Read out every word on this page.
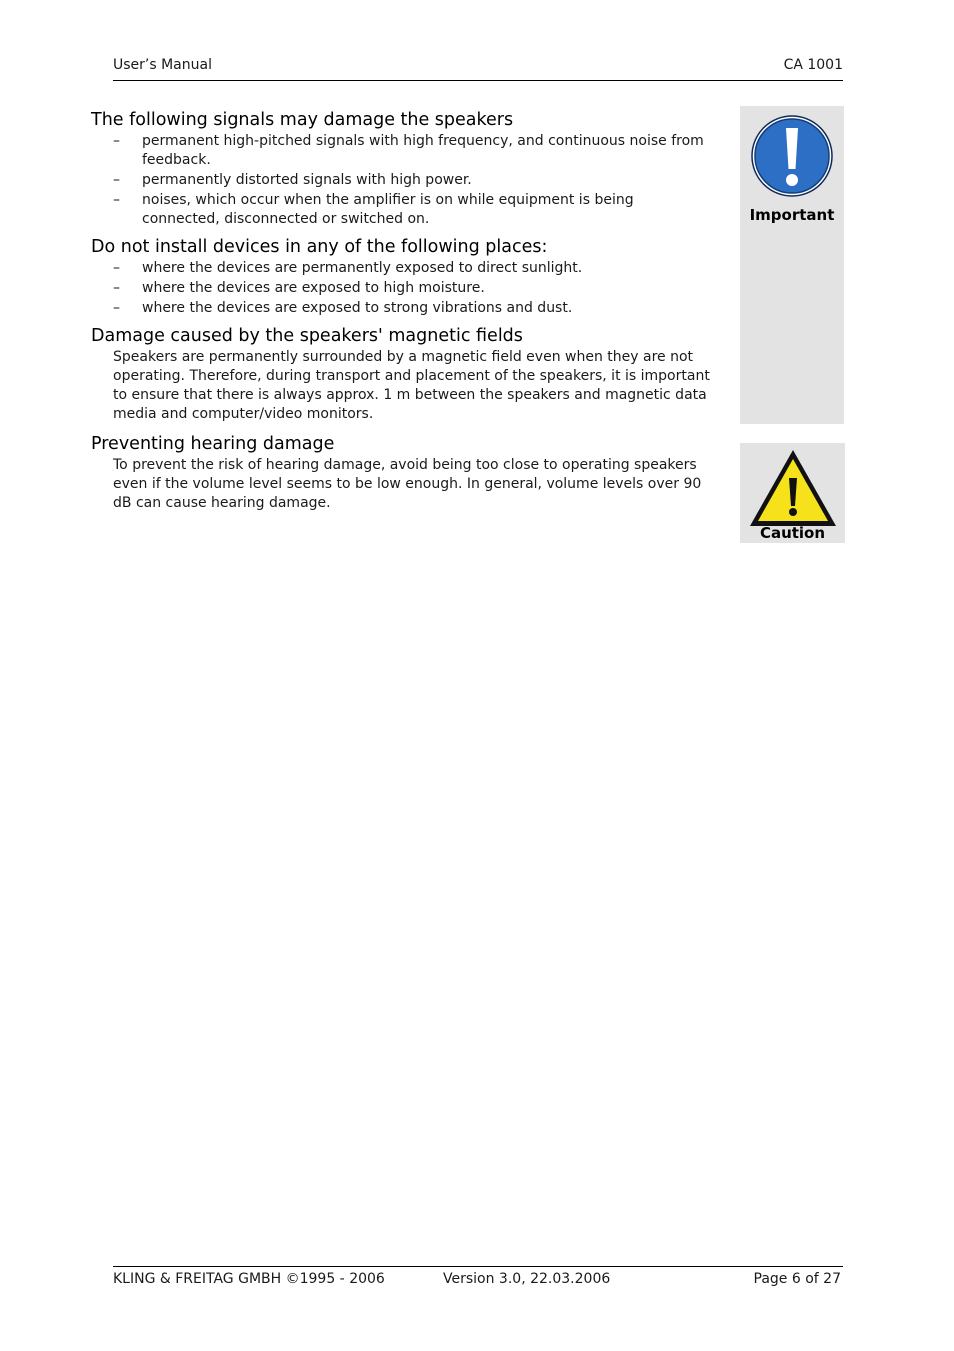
User’s Manual	CA 1001
The following signals may damage the speakers
– permanent high-pitched signals with high frequency, and continuous noise from feedback.
– permanently distorted signals with high power.
– noises, which occur when the amplifier is on while equipment is being connected, disconnected or switched on.
Do not install devices in any of the following places:
– where the devices are permanently exposed to direct sunlight.
– where the devices are exposed to high moisture.
– where the devices are exposed to strong vibrations and dust.
Damage caused by the speakers' magnetic fields

Speakers are permanently surrounded by a magnetic field even when they are not operating. Therefore, during transport and placement of the speakers, it is important to ensure that there is always approx. 1 m between the speakers and magnetic data media and computer/video monitors.

Preventing hearing damage

To prevent the risk of hearing damage, avoid being too close to operating speakers even if the volume level seems to be low enough. In general, volume levels over 90 dB can cause hearing damage.

Important
Caution
KLING & FREITAG GMBH ©1995 - 2006	Version 3.0, 22.03.2006	Page 6 of 27
